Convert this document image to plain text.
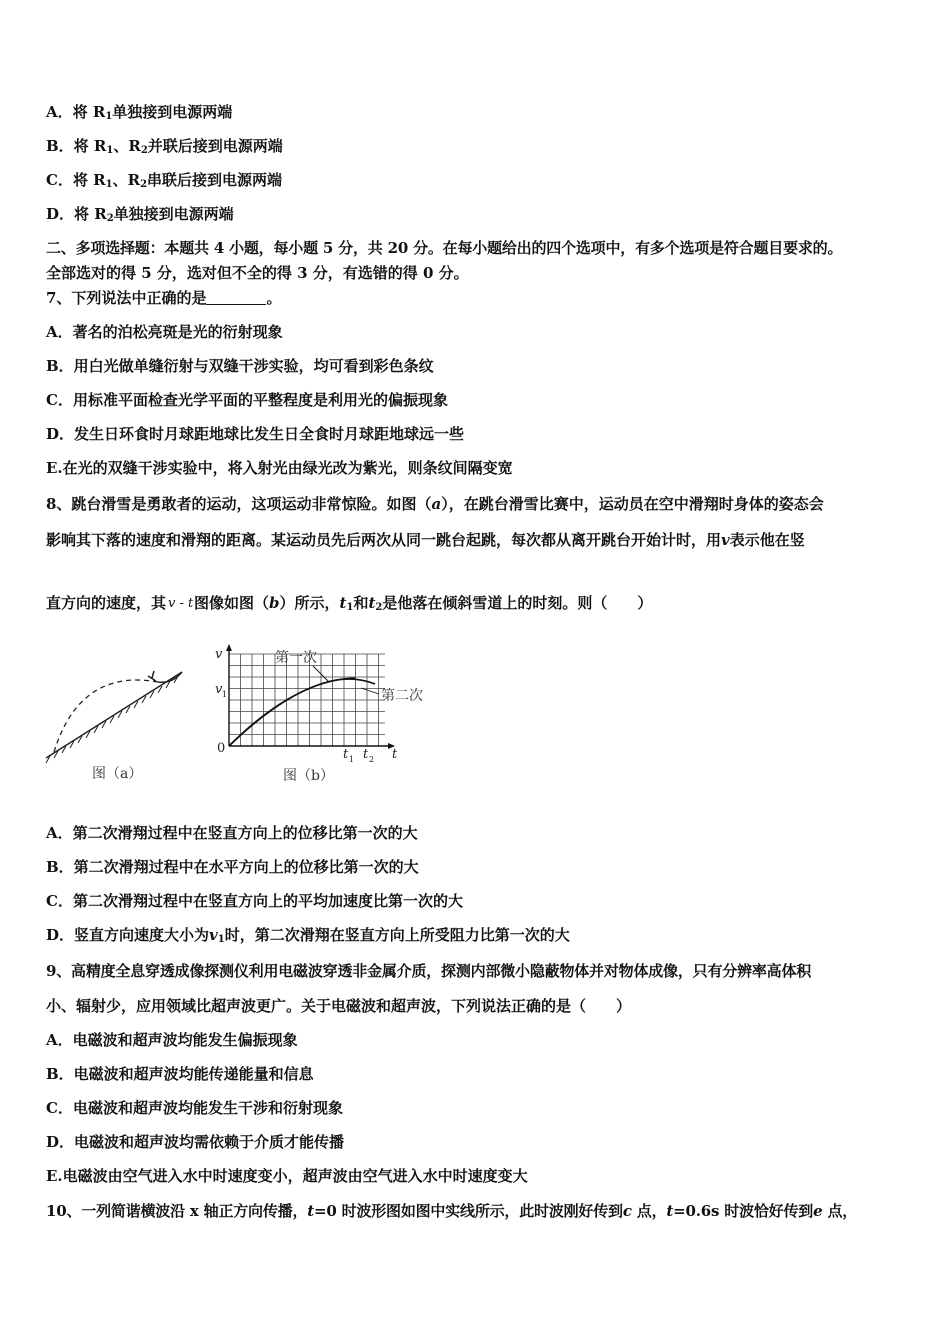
A．将 $R_1$单独接到电源两端
B．将 $R_1$、$R_2$并联后接到电源两端
C．将 $R_1$、$R_2$串联后接到电源两端
D．将 $R_2$单独接到电源两端
二、多项选择题：本题共 4 小题，每小题 5 分，共 20 分。在每小题给出的四个选项中，有多个选项是符合题目要求的。
全部选对的得 5 分，选对但不全的得 3 分，有选错的得 0 分。
7、下列说法中正确的是	。
A．著名的泊松亮斑是光的衍射现象
B．用白光做单缝衍射与双缝干涉实验，均可看到彩色条纹
C．用标准平面检查光学平面的平整程度是利用光的偏振现象
D．发生日环食时月球距地球比发生日全食时月球距地球远一些
E.在光的双缝干涉实验中，将入射光由绿光改为紫光，则条纹间隔变宽
8、跳台滑雪是勇敢者的运动，这项运动非常惊险。如图（a），在跳台滑雪比赛中，运动员在空中滑翔时身体的姿态会
影响其下落的速度和滑翔的距离。某运动员先后两次从同一跳台起跳，每次都从离开跳台开始计时，用v表示他在竖
直方向的速度，其 v - t 图像如图（b）所示，$t_1$和$t_2$是他落在倾斜雪道上的时刻。则（　　）
图（a）
第一次
第二次
v
v 1
0	t 1 t 2 t
图（b）
A．第二次滑翔过程中在竖直方向上的位移比第一次的大
B．第二次滑翔过程中在水平方向上的位移比第一次的大
C．第二次滑翔过程中在竖直方向上的平均加速度比第一次的大
D．竖直方向速度大小为$v_1$时，第二次滑翔在竖直方向上所受阻力比第一次的大
9、高精度全息穿透成像探测仪利用电磁波穿透非金属介质，探测内部微小隐蔽物体并对物体成像，只有分辨率高体积
小、辐射少，应用领域比超声波更广。关于电磁波和超声波，下列说法正确的是（　　）
A．电磁波和超声波均能发生偏振现象
B．电磁波和超声波均能传递能量和信息
C．电磁波和超声波均能发生干涉和衍射现象
D．电磁波和超声波均需依赖于介质才能传播
E.电磁波由空气进入水中时速度变小，超声波由空气进入水中时速度变大
10、一列简谐横波沿 x 轴正方向传播，t=0 时波形图如图中实线所示，此时波刚好传到c 点，t=0.6s 时波恰好传到e 点，
